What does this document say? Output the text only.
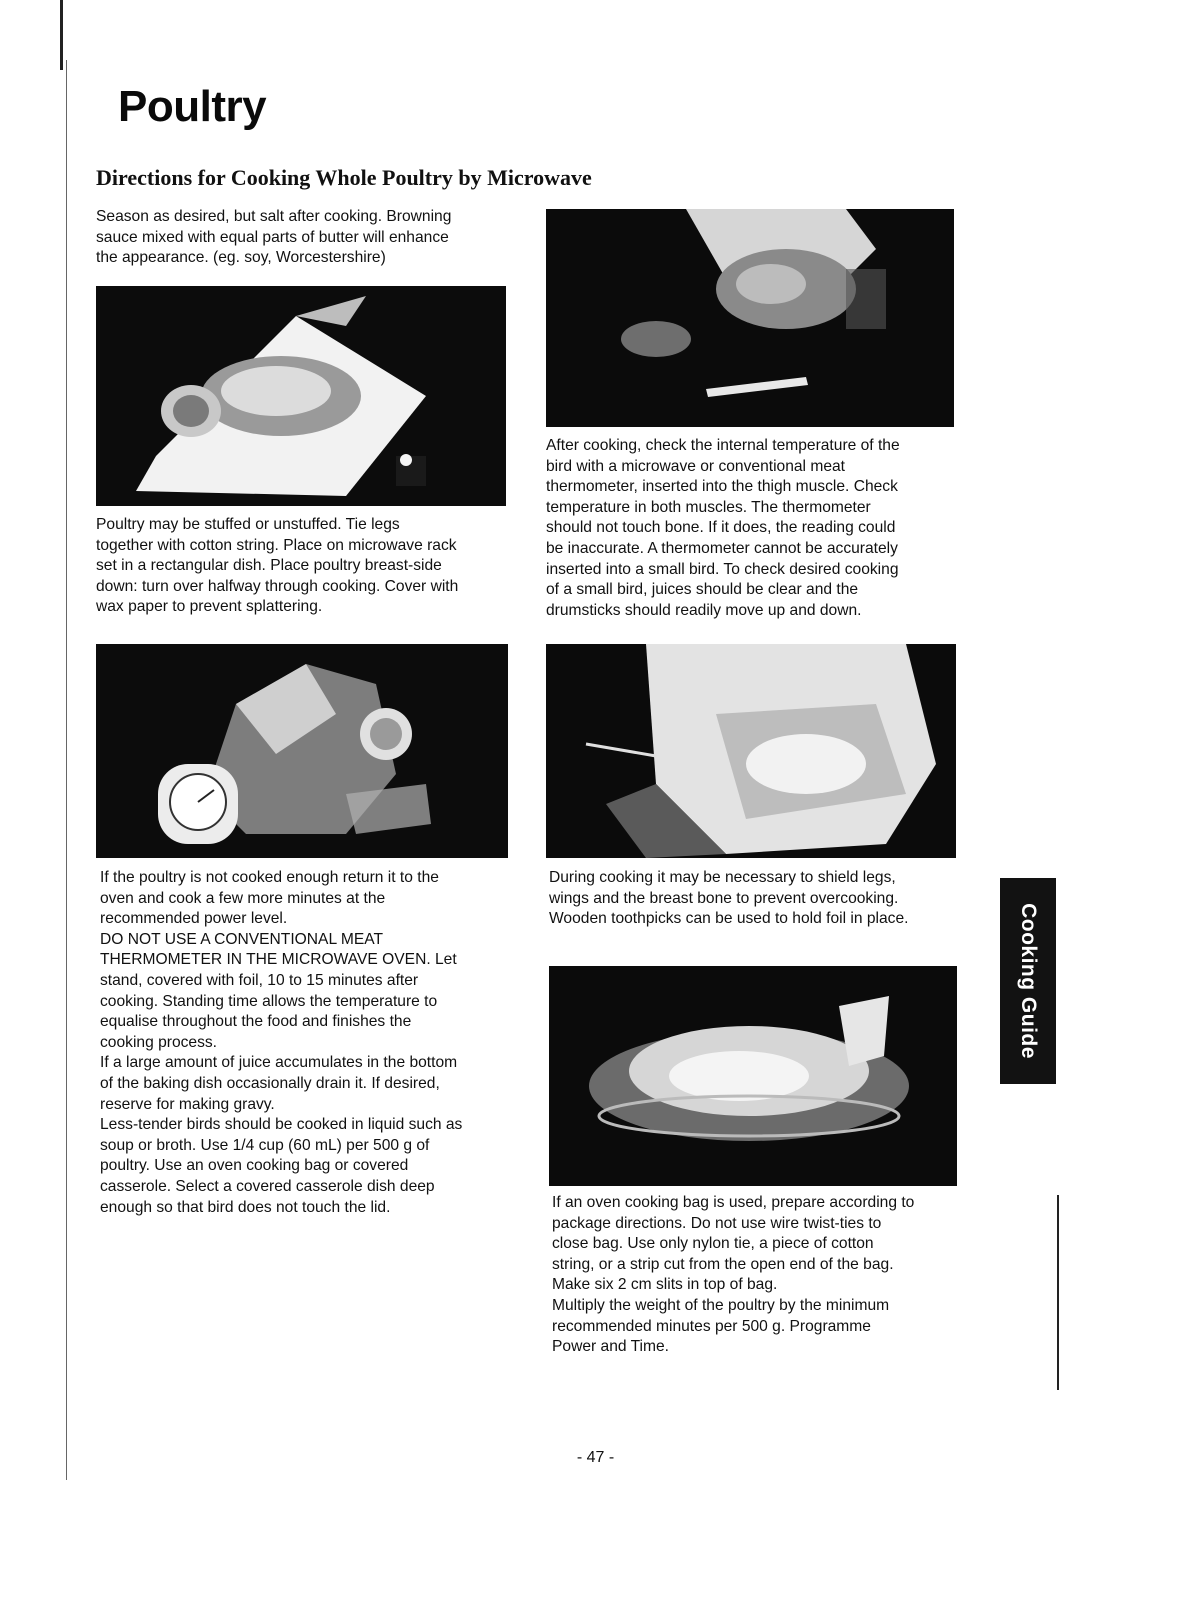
Poultry
Directions for Cooking Whole Poultry by Microwave

Season as desired, but salt after cooking. Browning
sauce mixed with equal parts of butter will enhance
the appearance. (eg. soy, Worcestershire)

Poultry may be stuffed or unstuffed. Tie legs
together with cotton string. Place on microwave rack
set in a rectangular dish. Place poultry breast-side
down: turn over halfway through cooking. Cover with
wax paper to prevent splattering.

After cooking, check the internal temperature of the
bird with a microwave or conventional meat
thermometer, inserted into the thigh muscle. Check
temperature in both muscles. The thermometer
should not touch bone. If it does, the reading could
be inaccurate. A thermometer cannot be accurately
inserted into a small bird. To check desired cooking
of a small bird, juices should be clear and the
drumsticks should readily move up and down.

If the poultry is not cooked enough return it to the
oven and cook a few more minutes at the
recommended power level.
DO NOT USE A CONVENTIONAL MEAT
THERMOMETER IN THE MICROWAVE OVEN. Let
stand, covered with foil, 10 to 15 minutes after
cooking. Standing time allows the temperature to
equalise throughout the food and finishes the
cooking process.
If a large amount of juice accumulates in the bottom
of the baking dish occasionally drain it. If desired,
reserve for making gravy.
Less-tender birds should be cooked in liquid such as
soup or broth. Use 1/4 cup (60 mL) per 500 g of
poultry. Use an oven cooking bag or covered
casserole. Select a covered casserole dish deep
enough so that bird does not touch the lid.

During cooking it may be necessary to shield legs,
wings and the breast bone to prevent overcooking.
Wooden toothpicks can be used to hold foil in place.	Cooking Guide

If an oven cooking bag is used, prepare according to
package directions. Do not use wire twist-ties to
close bag. Use only nylon tie, a piece of cotton
string, or a strip cut from the open end of the bag.
Make six 2 cm slits in top of bag.
Multiply the weight of the poultry by the minimum
recommended minutes per 500 g. Programme
Power and Time.

- 47 -
